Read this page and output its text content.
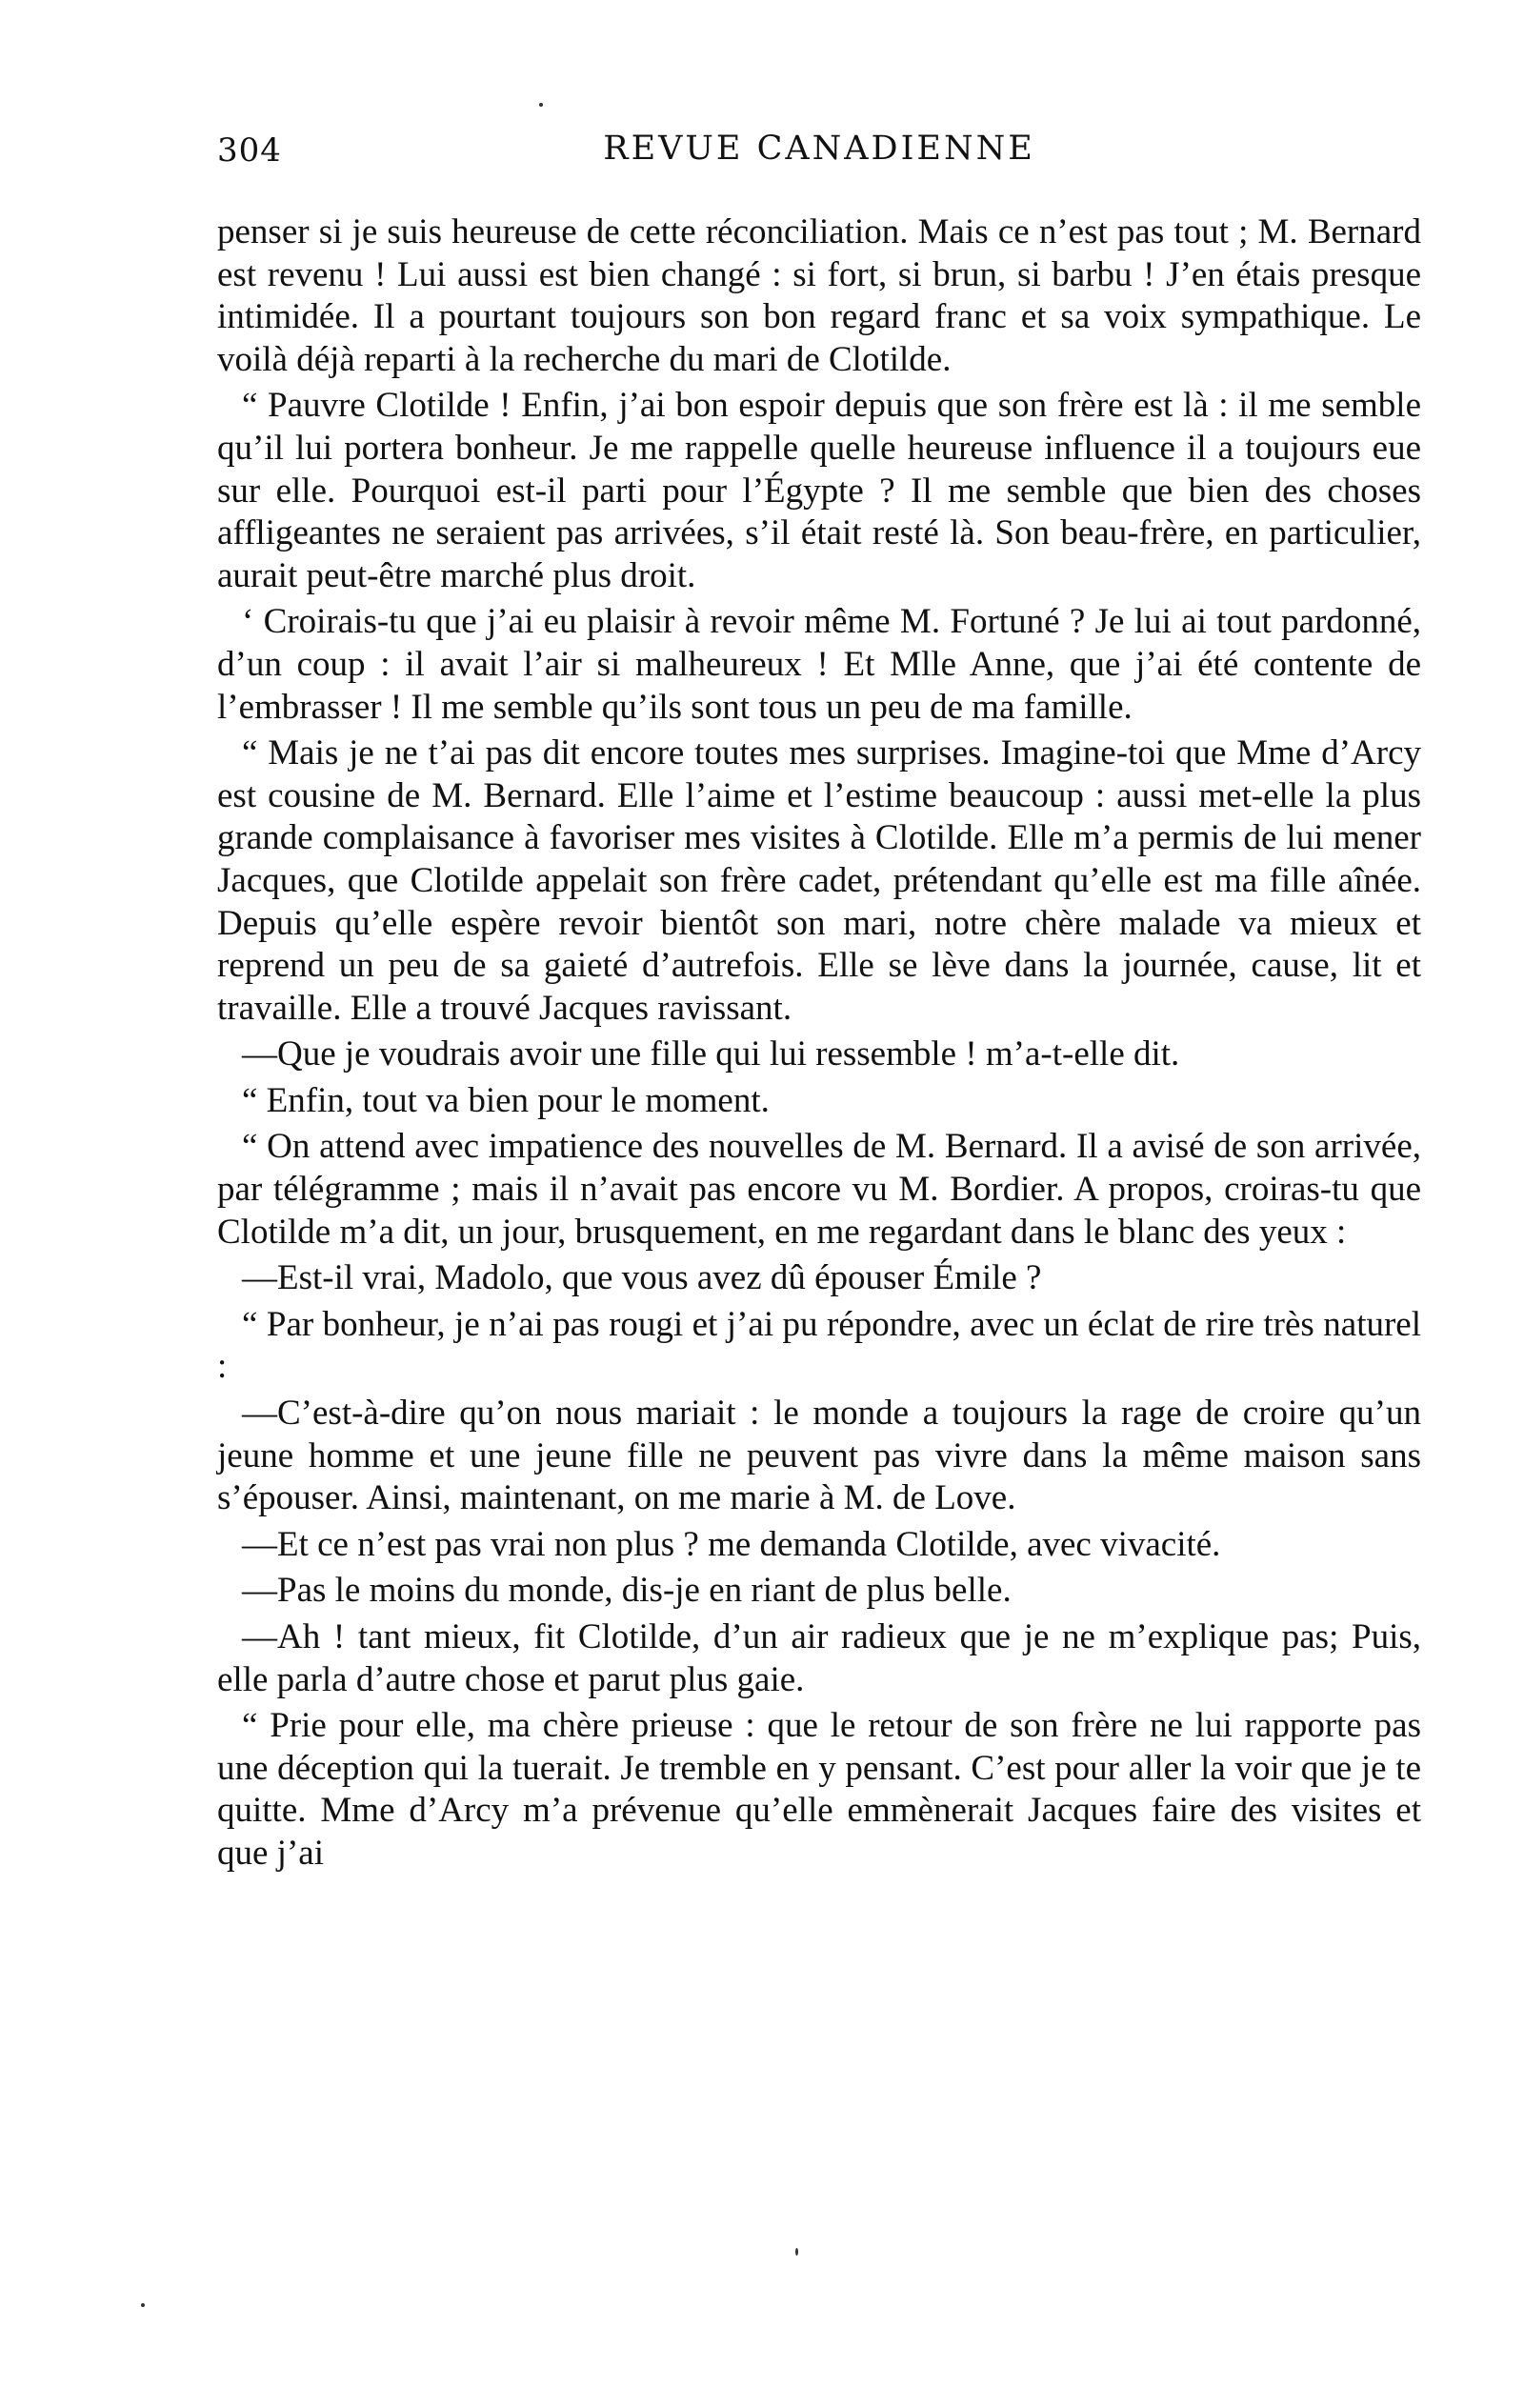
304	REVUE CANADIENNE

penser si je suis heureuse de cette réconciliation. Mais ce n’est pas tout ; M. Bernard est revenu ! Lui aussi est bien changé : si fort, si brun, si barbu ! J’en étais presque intimidée. Il a pourtant toujours son bon regard franc et sa voix sympathique. Le voilà déjà reparti à la recherche du mari de Clotilde.

“ Pauvre Clotilde ! Enfin, j’ai bon espoir depuis que son frère est là : il me semble qu’il lui portera bonheur. Je me rappelle quelle heureuse influence il a toujours eue sur elle. Pourquoi est-il parti pour l’Égypte ? Il me semble que bien des choses affligeantes ne seraient pas arrivées, s’il était resté là. Son beau-frère, en particulier, aurait peut-être marché plus droit.

‘ Croirais-tu que j’ai eu plaisir à revoir même M. Fortuné ? Je lui ai tout pardonné, d’un coup : il avait l’air si malheureux ! Et Mlle Anne, que j’ai été contente de l’embrasser ! Il me semble qu’ils sont tous un peu de ma famille.

“ Mais je ne t’ai pas dit encore toutes mes surprises. Imagine-toi que Mme d’Arcy est cousine de M. Bernard. Elle l’aime et l’estime beaucoup : aussi met-elle la plus grande complaisance à favoriser mes visites à Clotilde. Elle m’a permis de lui mener Jacques, que Clotilde appelait son frère cadet, prétendant qu’elle est ma fille aînée. Depuis qu’elle espère revoir bientôt son mari, notre chère malade va mieux et reprend un peu de sa gaieté d’autrefois. Elle se lève dans la journée, cause, lit et travaille. Elle a trouvé Jacques ravissant.

—Que je voudrais avoir une fille qui lui ressemble ! m’a-t-elle dit.

“ Enfin, tout va bien pour le moment.

“ On attend avec impatience des nouvelles de M. Bernard. Il a avisé de son arrivée, par télégramme ; mais il n’avait pas encore vu M. Bordier. A propos, croiras-tu que Clotilde m’a dit, un jour, brusquement, en me regardant dans le blanc des yeux :

—Est-il vrai, Madolo, que vous avez dû épouser Émile ?

“ Par bonheur, je n’ai pas rougi et j’ai pu répondre, avec un éclat de rire très naturel :

—C’est-à-dire qu’on nous mariait : le monde a toujours la rage de croire qu’un jeune homme et une jeune fille ne peuvent pas vivre dans la même maison sans s’épouser. Ainsi, maintenant, on me marie à M. de Love.

—Et ce n’est pas vrai non plus ? me demanda Clotilde, avec vivacité.

—Pas le moins du monde, dis-je en riant de plus belle.

—Ah ! tant mieux, fit Clotilde, d’un air radieux que je ne m’explique pas; Puis, elle parla d’autre chose et parut plus gaie.

“ Prie pour elle, ma chère prieuse : que le retour de son frère ne lui rapporte pas une déception qui la tuerait. Je tremble en y pensant. C’est pour aller la voir que je te quitte. Mme d’Arcy m’a prévenue qu’elle emmènerait Jacques faire des visites et que j’ai
